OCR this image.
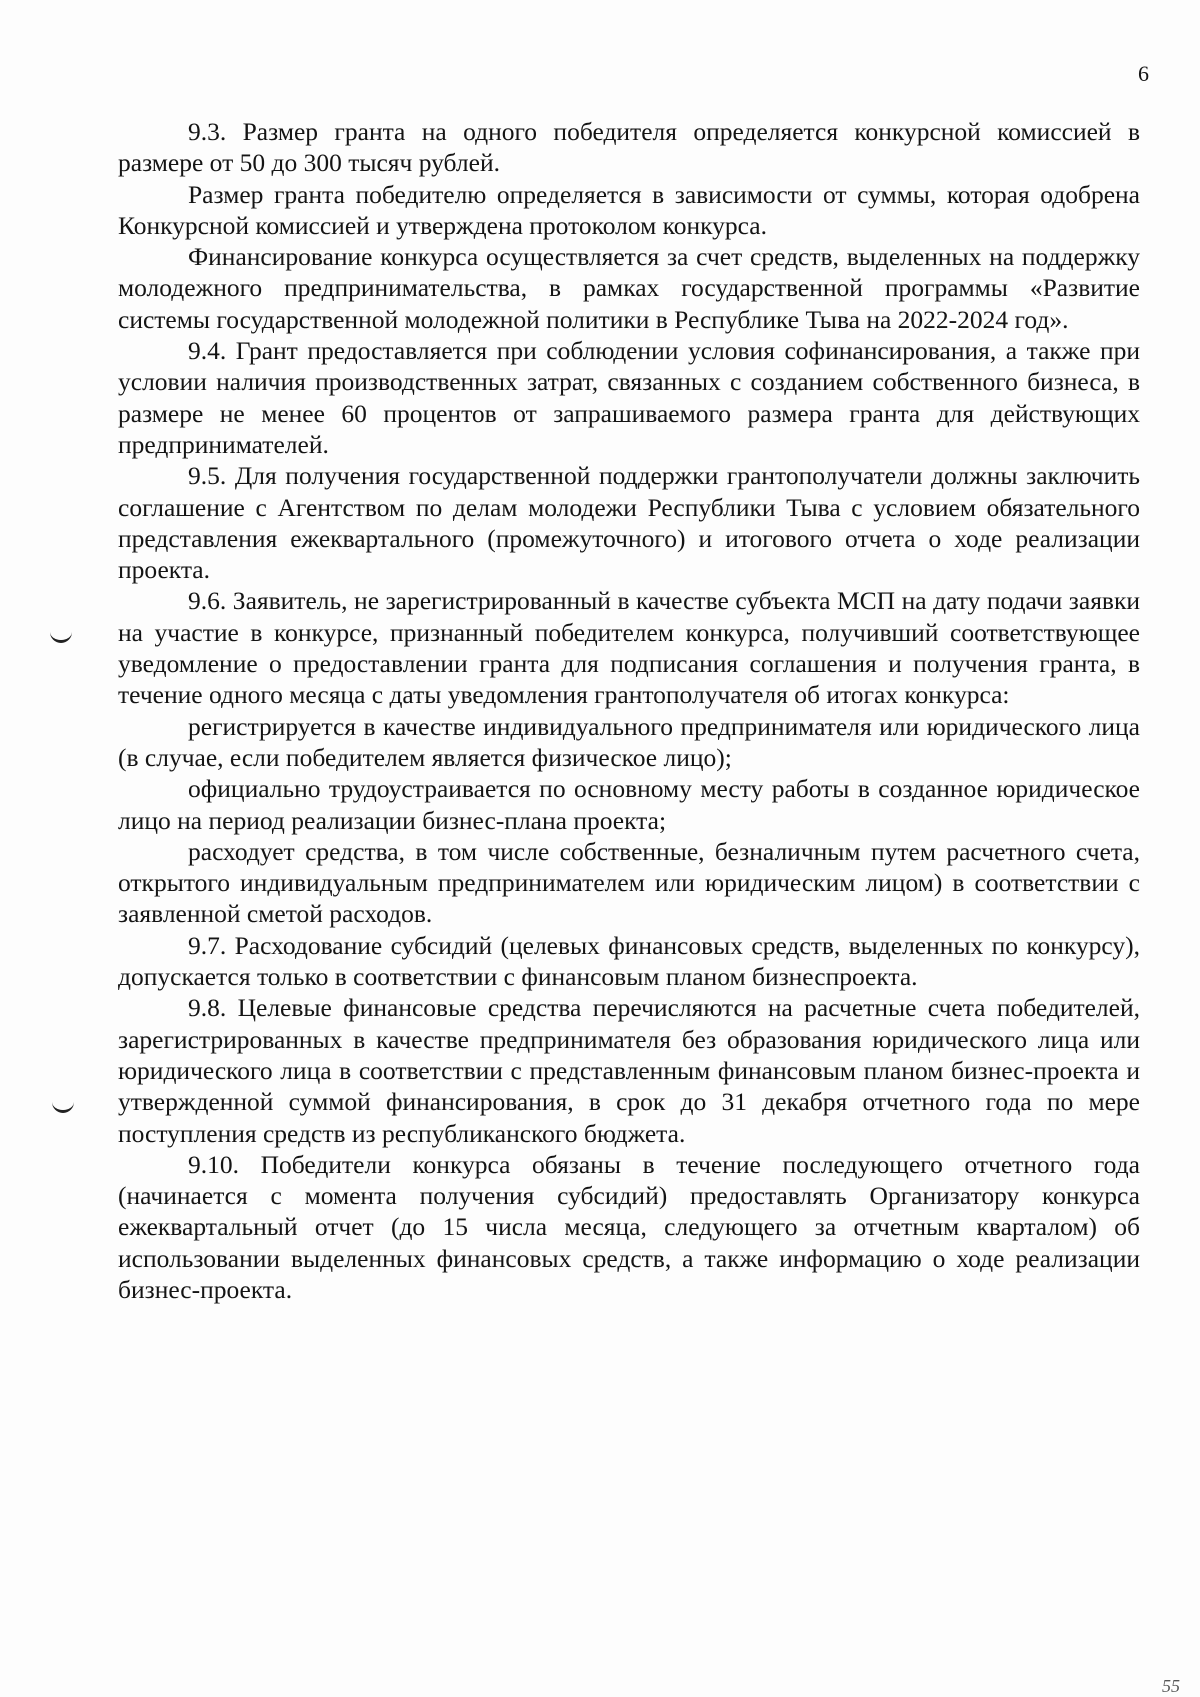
6

9.3. Размер гранта на одного победителя определяется конкурсной комиссией в размере от 50 до 300 тысяч рублей.

Размер гранта победителю определяется в зависимости от суммы, которая одобрена Конкурсной комиссией и утверждена протоколом конкурса.

Финансирование конкурса осуществляется за счет средств, выделенных на поддержку молодежного предпринимательства, в рамках государственной программы «Развитие системы государственной молодежной политики в Республике Тыва на 2022-2024 год».

9.4. Грант предоставляется при соблюдении условия софинансирования, а также при условии наличия производственных затрат, связанных с созданием собственного бизнеса, в размере не менее 60 процентов от запрашиваемого размера гранта для действующих предпринимателей.

9.5. Для получения государственной поддержки грантополучатели должны заключить соглашение с Агентством по делам молодежи Республики Тыва с условием обязательного представления ежеквартального (промежуточного) и итогового отчета о ходе реализации проекта.

9.6. Заявитель, не зарегистрированный в качестве субъекта МСП на дату подачи заявки на участие в конкурсе, признанный победителем конкурса, получивший соответствующее уведомление о предоставлении гранта для подписания соглашения и получения гранта, в течение одного месяца с даты уведомления грантополучателя об итогах конкурса:

регистрируется в качестве индивидуального предпринимателя или юридического лица (в случае, если победителем является физическое лицо);

официально трудоустраивается по основному месту работы в созданное юридическое лицо на период реализации бизнес-плана проекта;

расходует средства, в том числе собственные, безналичным путем расчетного счета, открытого индивидуальным предпринимателем или юридическим лицом) в соответствии с заявленной сметой расходов.

9.7. Расходование субсидий (целевых финансовых средств, выделенных по конкурсу), допускается только в соответствии с финансовым планом бизнеспроекта.

9.8. Целевые финансовые средства перечисляются на расчетные счета победителей, зарегистрированных в качестве предпринимателя без образования юридического лица или юридического лица в соответствии с представленным финансовым планом бизнес-проекта и утвержденной суммой финансирования, в срок до 31 декабря отчетного года по мере поступления средств из республиканского бюджета.

9.10. Победители конкурса обязаны в течение последующего отчетного года (начинается с момента получения субсидий) предоставлять Организатору конкурса ежеквартальный отчет (до 15 числа месяца, следующего за отчетным кварталом) об использовании выделенных финансовых средств, а также информацию о ходе реализации бизнес-проекта.

55
